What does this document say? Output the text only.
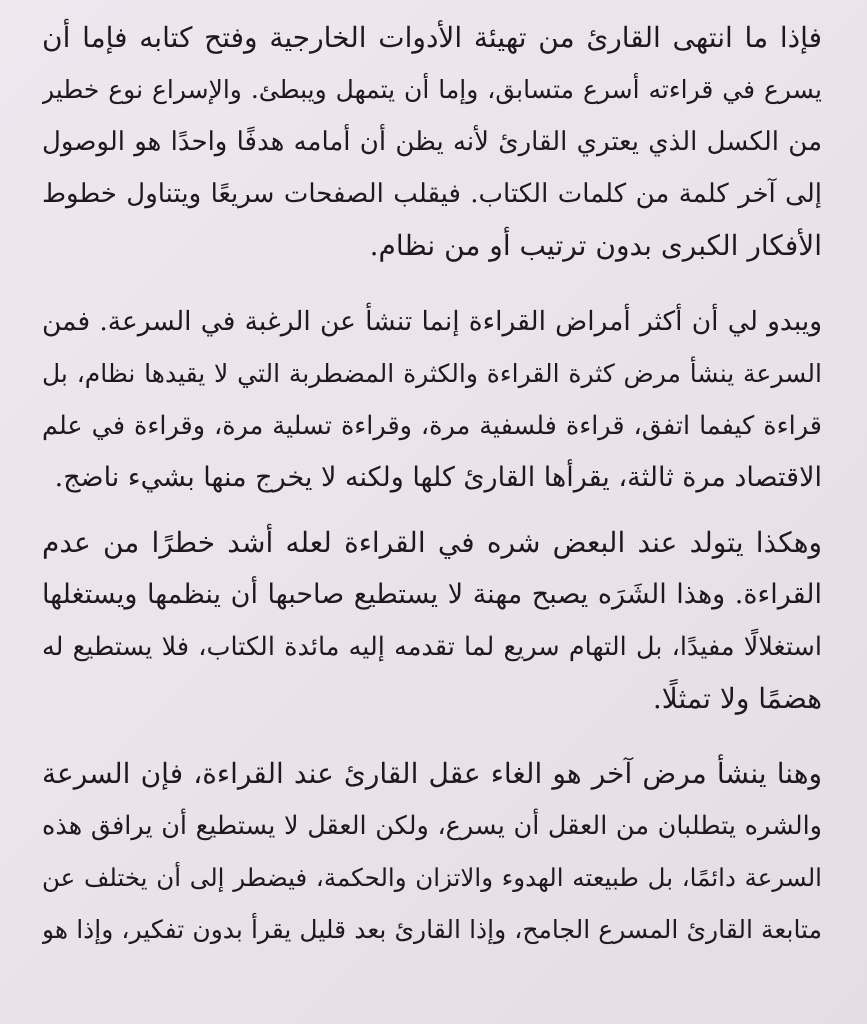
فإذا ما انتهى القارئ من تهيئة الأدوات الخارجية وفتح كتابه فإما أن
يسرع في قراءته أسرع متسابق، وإما أن يتمهل ويبطئ. والإسراع نوع خطير
من الكسل الذي يعتري القارئ لأنه يظن أن أمامه هدفًا واحدًا هو الوصول
إلى آخر كلمة من كلمات الكتاب. فيقلب الصفحات سريعًا ويتناول خطوط
الأفكار الكبرى بدون ترتيب أو من نظام.
ويبدو لي أن أكثر أمراض القراءة إنما تنشأ عن الرغبة في السرعة. فمن
السرعة ينشأ مرض كثرة القراءة والكثرة المضطربة التي لا يقيدها نظام، بل
قراءة كيفما اتفق، قراءة فلسفية مرة، وقراءة تسلية مرة، وقراءة في علم
الاقتصاد مرة ثالثة، يقرأها القارئ كلها ولكنه لا يخرج منها بشيء ناضج.
وهكذا يتولد عند البعض شره في القراءة لعله أشد خطرًا من عدم
القراءة. وهذا الشَرَه يصبح مهنة لا يستطيع صاحبها أن ينظمها ويستغلها
استغلالًا مفيدًا، بل التهام سريع لما تقدمه إليه مائدة الكتاب، فلا يستطيع له
هضمًا ولا تمثلًا.
وهنا ينشأ مرض آخر هو الغاء عقل القارئ عند القراءة، فإن السرعة
والشره يتطلبان من العقل أن يسرع، ولكن العقل لا يستطيع أن يرافق هذه
السرعة دائمًا، بل طبيعته الهدوء والاتزان والحكمة، فيضطر إلى أن يختلف عن
متابعة القارئ المسرع الجامح، وإذا القارئ بعد قليل يقرأ بدون تفكير، وإذا هو
